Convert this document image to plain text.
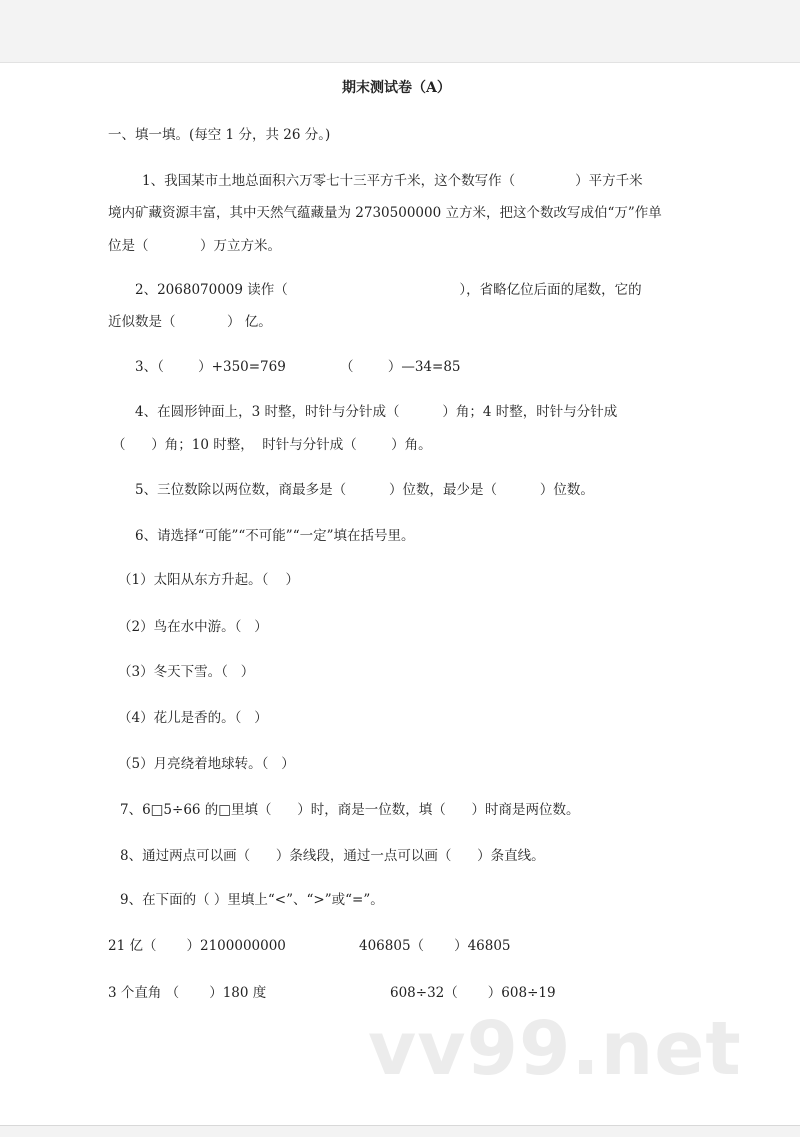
期末测试卷（A）
一、填一填。(每空 1 分，共 26 分。)
1、我国某市土地总面积六万零七十三平方千米，这个数写作（              ）平方千米
境内矿藏资源丰富，其中天然气蕴藏量为 2730500000 立方米，把这个数改写成伯“万”作单
位是（            ）万立方米。
2、2068070009 读作（                                        ），省略亿位后面的尾数，它的
近似数是（            ） 亿。
3、（        ）+350=769	（        ）—34=85
4、在圆形钟面上，3 时整，时针与分针成（          ）角；4 时整，时针与分针成
（      ）角；10 时整，  时针与分针成（        ）角。
5、三位数除以两位数，商最多是（          ）位数，最少是（          ）位数。
6、请选择“可能”“不可能”“一定”填在括号里。
（1）太阳从东方升起。（    ）
（2）鸟在水中游。（   ）
（3）冬天下雪。（   ）
（4）花儿是香的。（   ）
（5）月亮绕着地球转。（   ）
7、6□5÷66 的□里填（      ）时，商是一位数，填（      ）时商是两位数。
8、通过两点可以画（      ）条线段，通过一点可以画（      ）条直线。
9、在下面的（ ）里填上“<”、“>”或“=”。
21 亿（       ）2100000000	406805（       ）46805
3 个直角 （       ）180 度	608÷32（       ）608÷19
vv99.net
